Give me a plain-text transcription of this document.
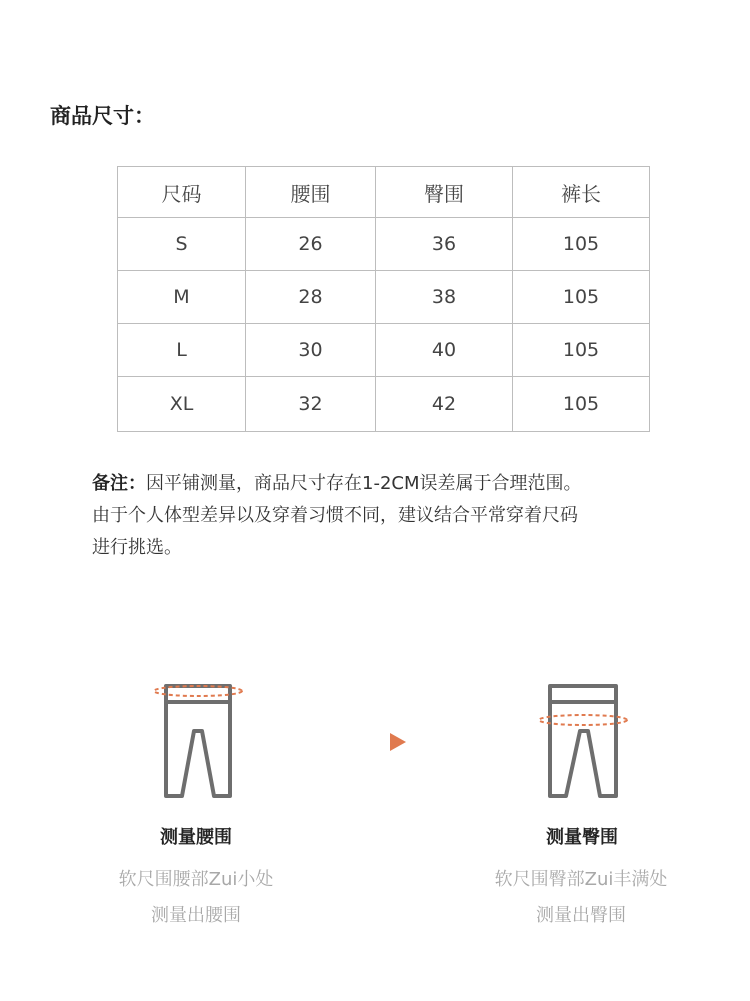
商品尺寸：
尺码	腰围	臀围	裤长
S	26	36	105
M	28	38	105
L	30	40	105
XL	32	42	105
备注：因平铺测量，商品尺寸存在1-2CM误差属于合理范围。
由于个人体型差异以及穿着习惯不同，建议结合平常穿着尺码
进行挑选。
测量腰围	测量臀围
软尺围腰部Zui小处
测量出腰围
软尺围臀部Zui丰满处
测量出臀围
